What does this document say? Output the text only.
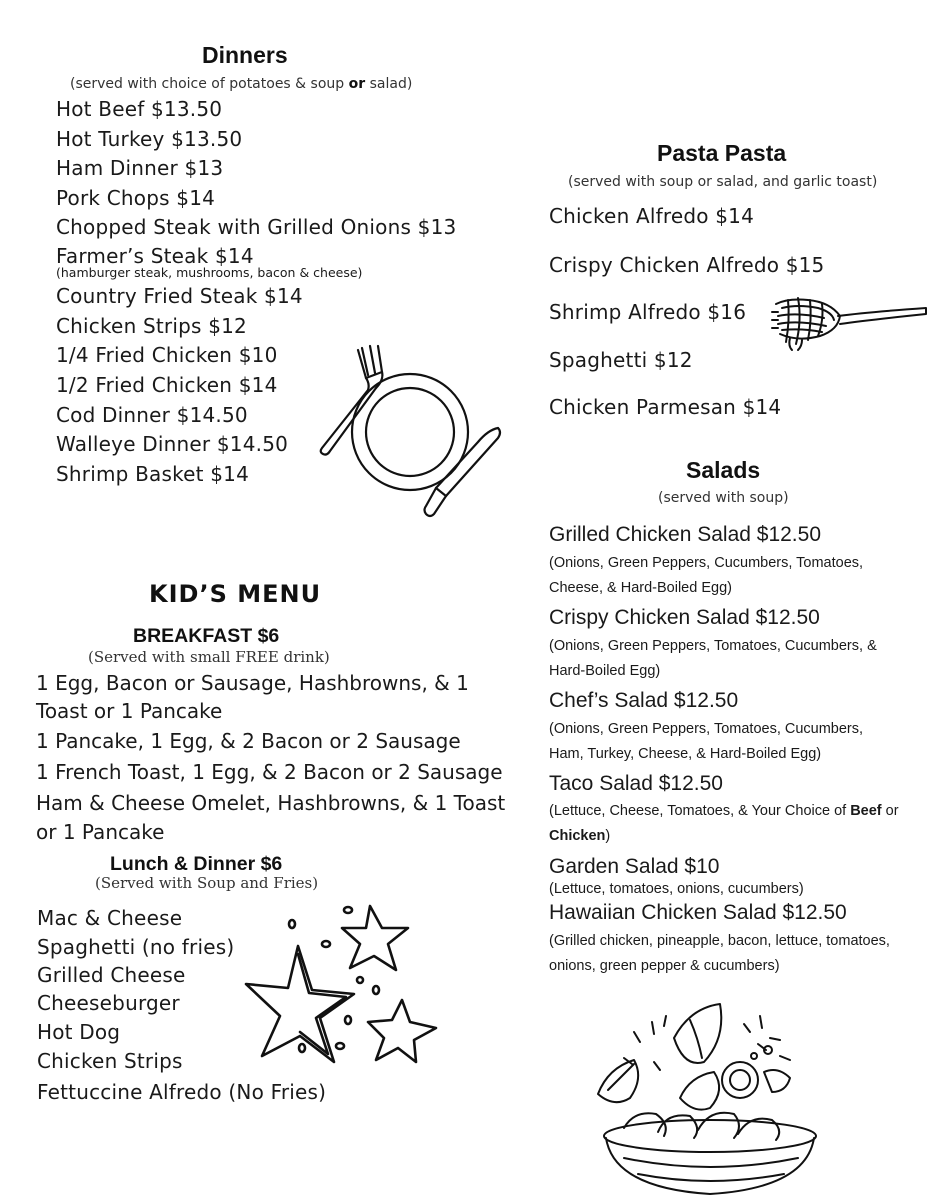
Dinners
(served with choice of potatoes & soup or salad)
Hot Beef $13.50
Hot Turkey $13.50
Ham Dinner $13
Pork Chops $14
Chopped Steak with Grilled Onions $13
Farmer’s Steak $14
(hamburger steak, mushrooms, bacon & cheese)
Country Fried Steak $14
Chicken Strips $12
1/4 Fried Chicken $10
1/2 Fried Chicken $14
Cod Dinner $14.50
Walleye Dinner $14.50
Shrimp Basket $14
Pasta Pasta
(served with soup or salad, and garlic toast)
Chicken Alfredo $14
Crispy Chicken Alfredo $15
Shrimp Alfredo $16
Spaghetti $12
Chicken Parmesan $14
Salads
(served with soup)
Grilled Chicken Salad $12.50
(Onions, Green Peppers, Cucumbers, Tomatoes, Cheese, & Hard-Boiled Egg)
Crispy Chicken Salad $12.50
(Onions, Green Peppers, Tomatoes, Cucumbers, & Hard-Boiled Egg)
Chef’s Salad $12.50
(Onions, Green Peppers, Tomatoes, Cucumbers, Ham, Turkey, Cheese, & Hard-Boiled Egg)
Taco Salad $12.50
(Lettuce, Cheese, Tomatoes, & Your Choice of Beef or Chicken)
Garden Salad $10
(Lettuce, tomatoes, onions, cucumbers)
Hawaiian Chicken Salad $12.50
(Grilled chicken, pineapple, bacon, lettuce, tomatoes, onions, green pepper & cucumbers)
KID’S MENU
BREAKFAST $6
(Served with small FREE drink)
1 Egg, Bacon or Sausage, Hashbrowns, & 1
Toast or 1 Pancake
1 Pancake, 1 Egg, & 2 Bacon or 2 Sausage
1 French Toast, 1 Egg, & 2 Bacon or 2 Sausage
Ham & Cheese Omelet, Hashbrowns, & 1 Toast
or 1 Pancake
Lunch & Dinner $6
(Served with Soup and Fries)
Mac & Cheese
Spaghetti (no fries)
Grilled Cheese
Cheeseburger
Hot Dog
Chicken Strips
Fettuccine Alfredo (No Fries)
